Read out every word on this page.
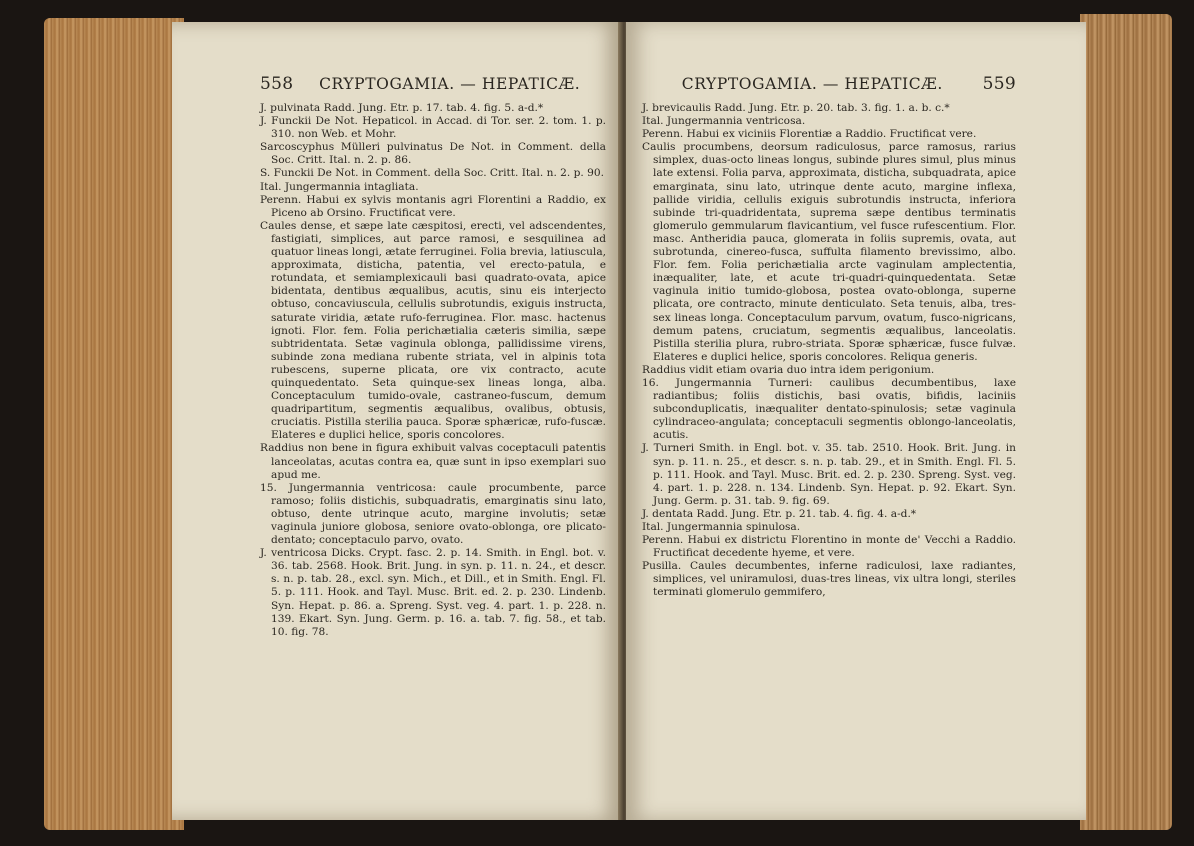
558 CRYPTOGAMIA. — HEPATICÆ.

J. pulvinata Radd. Jung. Etr. p. 17. tab. 4. fig. 5. a-d.*

J. Funckii De Not. Hepaticol. in Accad. di Tor. ser. 2. tom. 1. p. 310. non Web. et Mohr.

Sarcoscyphus Mülleri pulvinatus De Not. in Comment. della Soc. Critt. Ital. n. 2. p. 86.

S. Funckii De Not. in Comment. della Soc. Critt. Ital. n. 2. p. 90.

Ital. Jungermannia intagliata.

Perenn. Habui ex sylvis montanis agri Florentini a Raddio, ex Piceno ab Orsino. Fructificat vere.

Caules dense, et sæpe late cæspitosi, erecti, vel adscendentes, fastigiati, simplices, aut parce ramosi, e sesquilinea ad quatuor lineas longi, ætate ferruginei. Folia brevia, latiuscula, approximata, disticha, patentia, vel erecto-patula, e rotundata, et semiamplexicauli basi quadrato-ovata, apice bidentata, dentibus æqualibus, acutis, sinu eis interjecto obtuso, concaviuscula, cellulis subrotundis, exiguis instructa, saturate viridia, ætate rufo-ferruginea. Flor. masc. hactenus ignoti. Flor. fem. Folia perichætialia cæteris similia, sæpe subtridentata. Setæ vaginula oblonga, pallidissime virens, subinde zona mediana rubente striata, vel in alpinis tota rubescens, superne plicata, ore vix contracto, acute quinquedentato. Seta quinque-sex lineas longa, alba. Conceptaculum tumido-ovale, castraneo-fuscum, demum quadripartitum, segmentis æqualibus, ovalibus, obtusis, cruciatis. Pistilla sterilia pauca. Sporæ sphæricæ, rufo-fuscæ. Elateres e duplici helice, sporis concolores.

Raddius non bene in figura exhibuit valvas coceptaculi patentis lanceolatas, acutas contra ea, quæ sunt in ipso exemplari suo apud me.

15. Jungermannia ventricosa: caule procumbente, parce ramoso; foliis distichis, subquadratis, emarginatis sinu lato, obtuso, dente utrinque acuto, margine involutis; setæ vaginula juniore globosa, seniore ovato-oblonga, ore plicato-dentato; conceptaculo parvo, ovato.

J. ventricosa Dicks. Crypt. fasc. 2. p. 14. Smith. in Engl. bot. v. 36. tab. 2568. Hook. Brit. Jung. in syn. p. 11. n. 24., et descr. s. n. p. tab. 28., excl. syn. Mich., et Dill., et in Smith. Engl. Fl. 5. p. 111. Hook. and Tayl. Musc. Brit. ed. 2. p. 230. Lindenb. Syn. Hepat. p. 86. a. Spreng. Syst. veg. 4. part. 1. p. 228. n. 139. Ekart. Syn. Jung. Germ. p. 16. a. tab. 7. fig. 58., et tab. 10. fig. 78.

CRYPTOGAMIA. — HEPATICÆ. 559

J. brevicaulis Radd. Jung. Etr. p. 20. tab. 3. fig. 1. a. b. c.*

Ital. Jungermannia ventricosa.

Perenn. Habui ex viciniis Florentiæ a Raddio. Fructificat vere.

Caulis procumbens, deorsum radiculosus, parce ramosus, rarius simplex, duas-octo lineas longus, subinde plures simul, plus minus late extensi. Folia parva, approximata, disticha, subquadrata, apice emarginata, sinu lato, utrinque dente acuto, margine inflexa, pallide viridia, cellulis exiguis subrotundis instructa, inferiora subinde tri-quadridentata, suprema sæpe dentibus terminatis glomerulo gemmularum flavicantium, vel fusce rufescentium. Flor. masc. Antheridia pauca, glomerata in foliis supremis, ovata, aut subrotunda, cinereo-fusca, suffulta filamento brevissimo, albo. Flor. fem. Folia perichætialia arcte vaginulam amplectentia, inæqualiter, late, et acute tri-quadri-quinquedentata. Setæ vaginula initio tumido-globosa, postea ovato-oblonga, superne plicata, ore contracto, minute denticulato. Seta tenuis, alba, tres-sex lineas longa. Conceptaculum parvum, ovatum, fusco-nigricans, demum patens, cruciatum, segmentis æqualibus, lanceolatis. Pistilla sterilia plura, rubro-striata. Sporæ sphæricæ, fusce fulvæ. Elateres e duplici helice, sporis concolores. Reliqua generis.

Raddius vidit etiam ovaria duo intra idem perigonium.

16. Jungermannia Turneri: caulibus decumbentibus, laxe radiantibus; foliis distichis, basi ovatis, bifidis, laciniis subconduplicatis, inæqualiter dentato-spinulosis; setæ vaginula cylindraceo-angulata; conceptaculi segmentis oblongo-lanceolatis, acutis.

J. Turneri Smith. in Engl. bot. v. 35. tab. 2510. Hook. Brit. Jung. in syn. p. 11. n. 25., et descr. s. n. p. tab. 29., et in Smith. Engl. Fl. 5. p. 111. Hook. and Tayl. Musc. Brit. ed. 2. p. 230. Spreng. Syst. veg. 4. part. 1. p. 228. n. 134. Lindenb. Syn. Hepat. p. 92. Ekart. Syn. Jung. Germ. p. 31. tab. 9. fig. 69.

J. dentata Radd. Jung. Etr. p. 21. tab. 4. fig. 4. a-d.*

Ital. Jungermannia spinulosa.

Perenn. Habui ex districtu Florentino in monte de' Vecchi a Raddio. Fructificat decedente hyeme, et vere.

Pusilla. Caules decumbentes, inferne radiculosi, laxe radiantes, simplices, vel uniramulosi, duas-tres lineas, vix ultra longi, steriles terminati glomerulo gemmifero,
